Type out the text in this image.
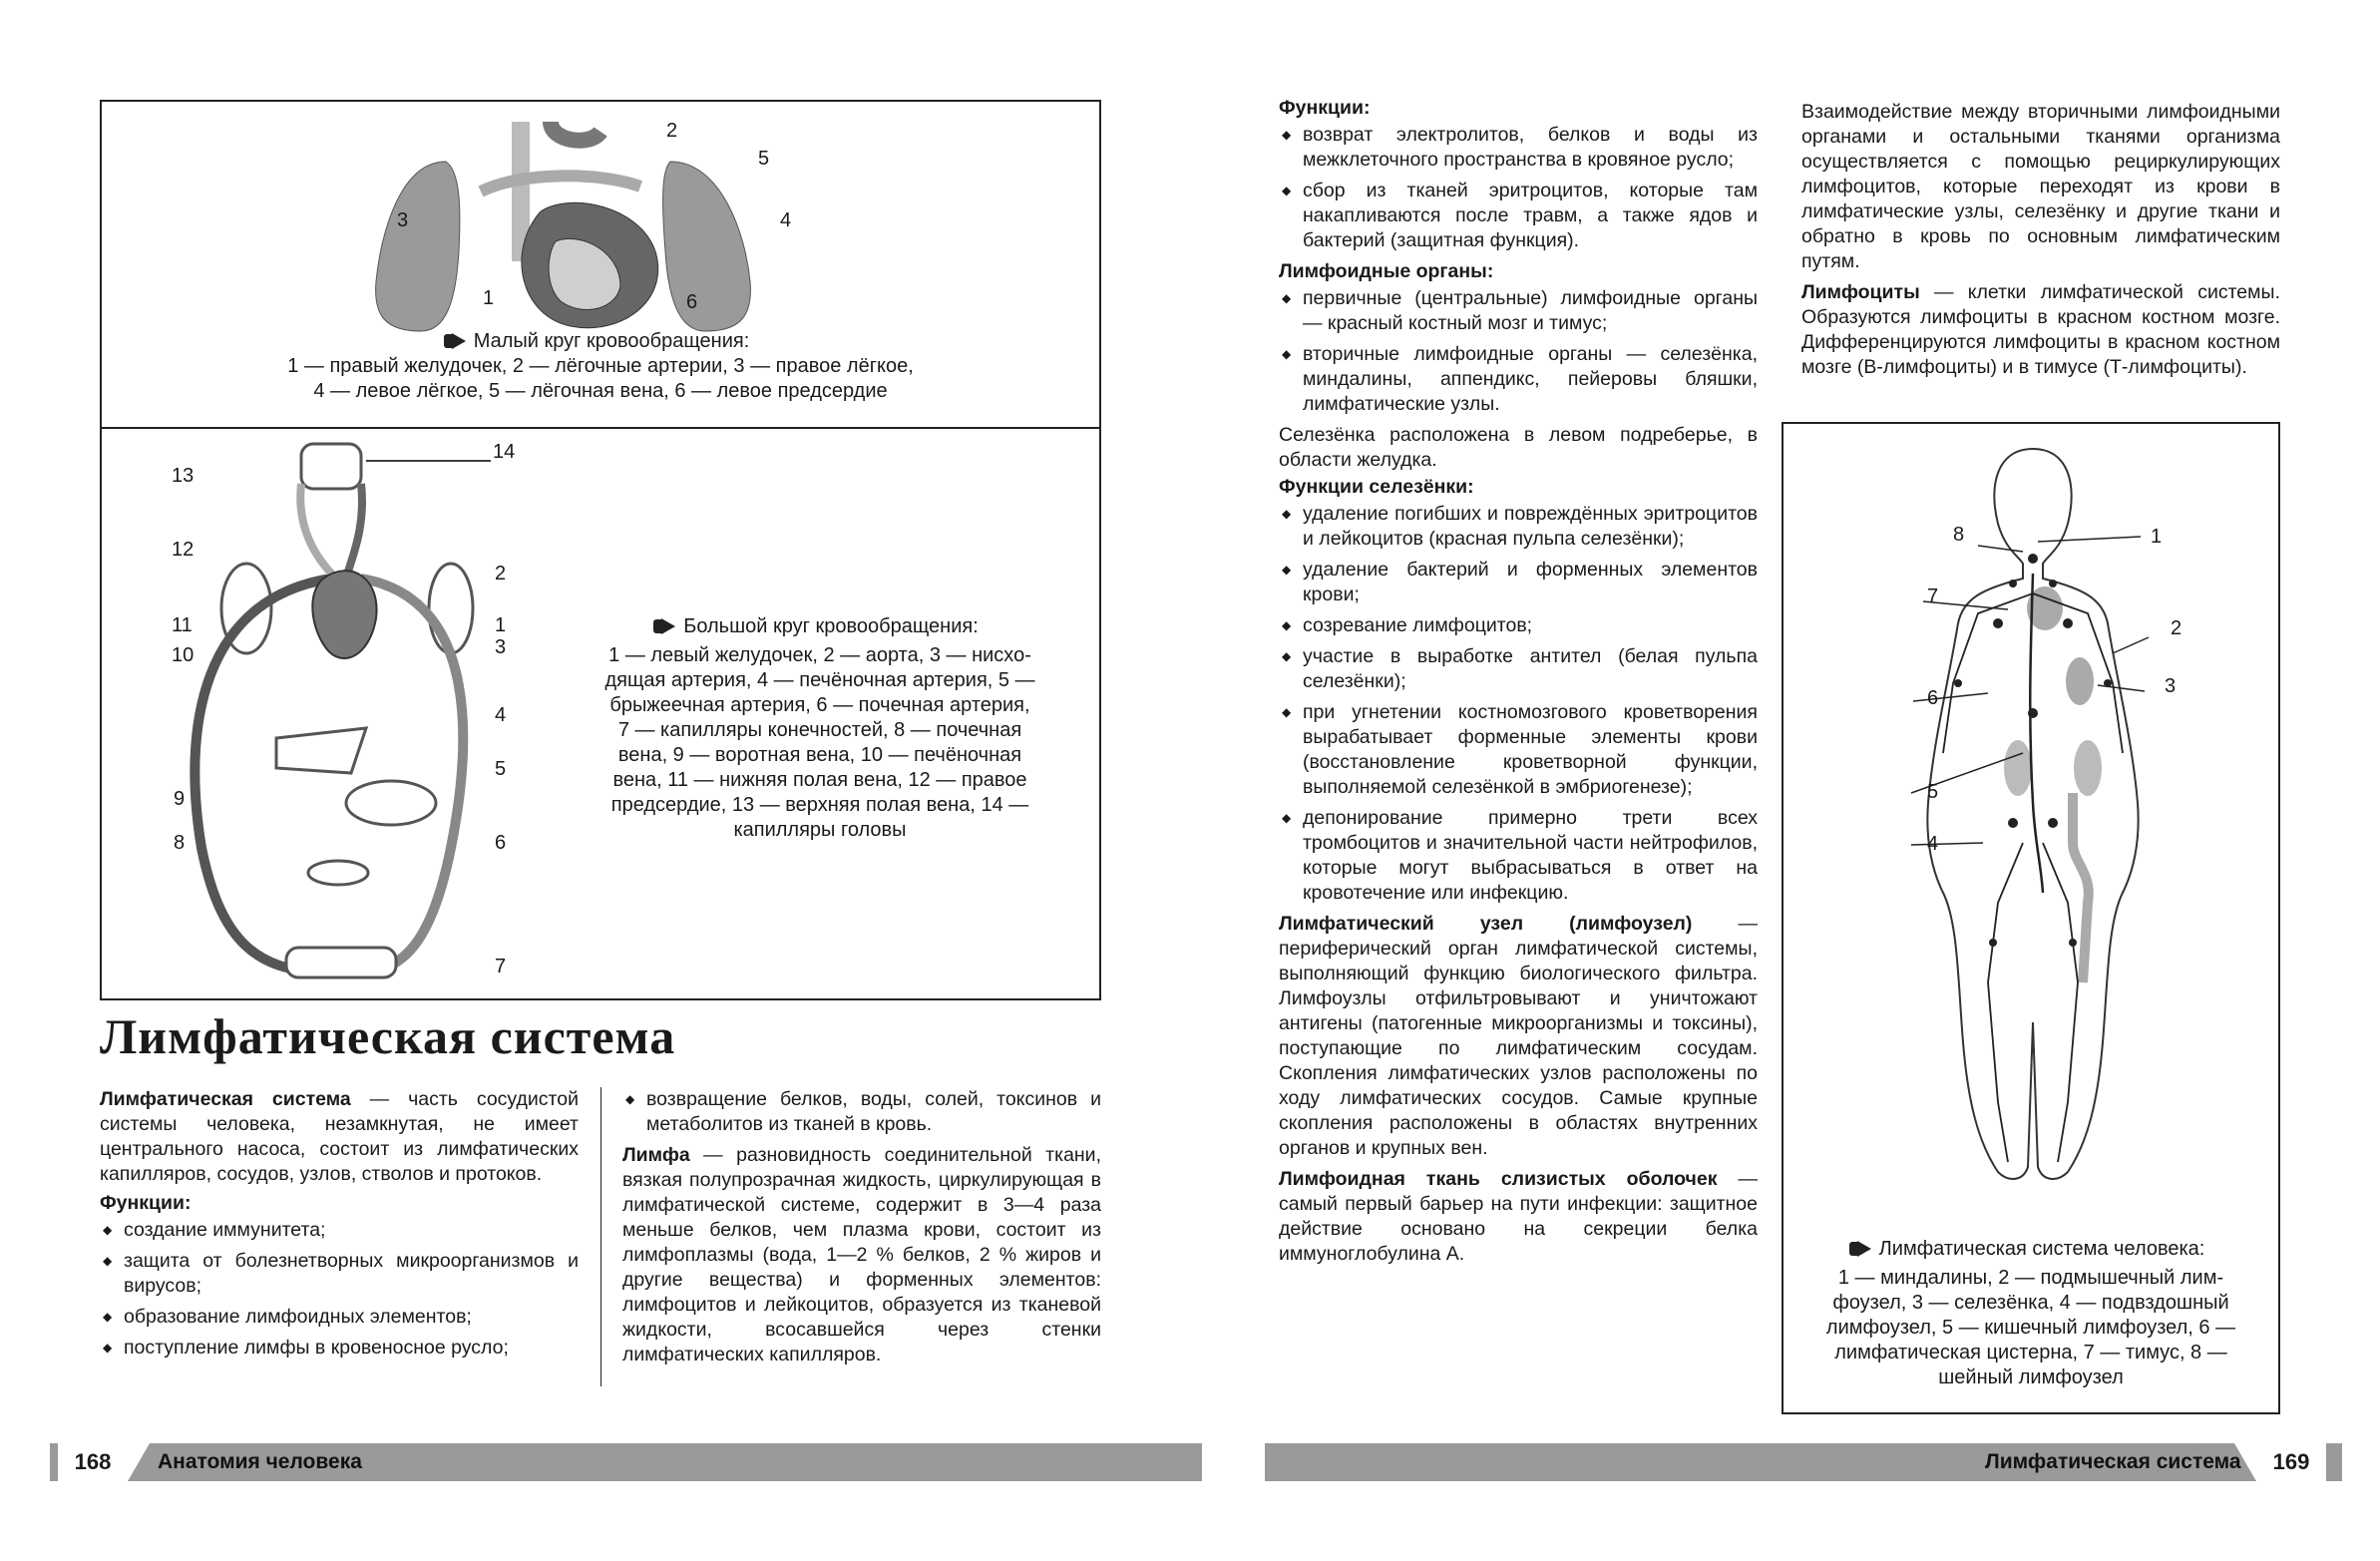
1
2
3	4
5
6
Малый круг кровообращения:
1 — правый желудочек, 2 — лёгочные артерии, 3 — правое лёгкое,
4 — левое лёгкое, 5 — лёгочная вена, 6 — левое предсердие
14
13
12
2
1
11
3
10
4
5
9
8	6
7
Большой круг кровообращения:
1 — левый желудочек, 2 — аорта, 3 — нисхо-
дящая артерия, 4 — печёночная артерия, 5 —
брыжеечная артерия, 6 — почечная артерия,
7 — капилляры конечностей, 8 — почечная
вена, 9 — воротная вена, 10 — печёночная
вена, 11 — нижняя полая вена, 12 — правое
предсердие, 13 — верхняя полая вена, 14 —
капилляры головы
Лимфатическая система

Лимфатическая система — часть сосудистой системы человека, незамкнутая, не имеет центрального насоса, состоит из лимфатических капилляров, сосудов, узлов, стволов и протоков.

Функции:

◆ создание иммунитета;
◆ защита от болезнетворных микроорганизмов и вирусов;
◆ образование лимфоидных элементов;
◆ поступление лимфы в кровеносное русло;
◆ возвращение белков, воды, солей, токсинов и метаболитов из тканей в кровь.

Лимфа — разновидность соединительной ткани, вязкая полупрозрачная жидкость, циркулирующая в лимфатической системе, содержит в 3—4 раза меньше белков, чем плазма крови, состоит из лимфоплазмы (вода, 1—2 % белков, 2 % жиров и другие вещества) и форменных элементов: лимфоцитов и лейкоцитов, образуется из тканевой жидкости, всосавшейся через стенки лимфатических капилляров.

168	Анатомия человека

Функции:

◆ возврат электролитов, белков и воды из межклеточного пространства в кровяное русло;
◆ сбор из тканей эритроцитов, которые там накапливаются после травм, а также ядов и бактерий (защитная функция).

Лимфоидные органы:

◆ первичные (центральные) лимфоидные органы — красный костный мозг и тимус;
◆ вторичные лимфоидные органы — селезёнка, миндалины, аппендикс, пейеровы бляшки, лимфатические узлы.

Селезёнка расположена в левом подреберье, в области желудка.

Функции селезёнки:

◆ удаление погибших и повреждённых эритроцитов и лейкоцитов (красная пульпа селезёнки);
◆ удаление бактерий и форменных элементов крови;
◆ созревание лимфоцитов;
◆ участие в выработке антител (белая пульпа селезёнки);
◆ при угнетении костномозгового кроветворения вырабатывает форменные элементы крови (восстановление кроветворной функции, выполняемой селезёнкой в эмбриогенезе);
◆ депонирование примерно трети всех тромбоцитов и значительной части нейтрофилов, которые могут выбрасываться в ответ на кровотечение или инфекцию.

Лимфатический узел (лимфоузел) — периферический орган лимфатической системы, выполняющий функцию биологического фильтра. Лимфоузлы отфильтровывают и уничтожают антигены (патогенные микроорганизмы и токсины), поступающие по лимфатическим сосудам. Скопления лимфатических узлов расположены по ходу лимфатических сосудов. Самые крупные скопления расположены в областях внутренних органов и крупных вен.

Лимфоидная ткань слизистых оболочек — самый первый барьер на пути инфекции: защитное действие основано на секреции белка иммуноглобулина А.

Взаимодействие между вторичными лимфоидными органами и остальными тканями организма осуществляется с помощью рециркулирующих лимфоцитов, которые переходят из крови в лимфатические узлы, селезёнку и другие ткани и обратно в кровь по основным лимфатическим путям.

Лимфоциты — клетки лимфатической системы. Образуются лимфоциты в красном костном мозге. Дифференцируются лимфоциты в красном костном мозге (В-лимфоциты) и в тимусе (Т-лимфоциты).

8	1
7
2
3
6
5
4
Лимфатическая система человека:
1 — миндалины, 2 — подмышечный лим-
фоузел, 3 — селезёнка, 4 — подвздошный
лимфоузел, 5 — кишечный лимфоузел, 6 —
лимфатическая цистерна, 7 — тимус, 8 —
шейный лимфоузел
Лимфатическая система	169
